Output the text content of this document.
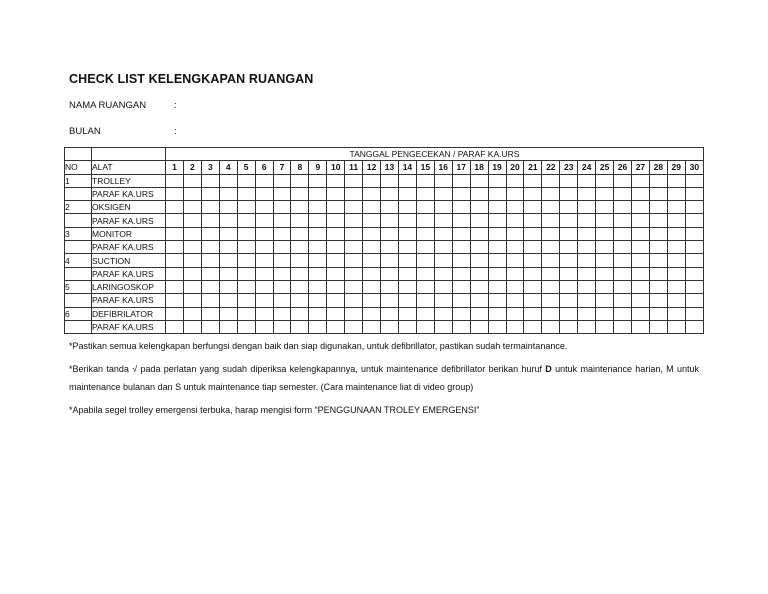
CHECK LIST KELENGKAPAN RUANGAN
NAMA RUANGAN	:
BULAN	:
		TANGGAL PENGECEKAN / PARAF KA.URS																													
NO	ALAT	1	2	3	4	5	6	7	8	9	10	11	12	13	14	15	16	17	18	19	20	21	22	23	24	25	26	27	28	29	30
1	TROLLEY																														
	PARAF KA.URS																														
2	OKSIGEN																														
	PARAF KA.URS																														
3	MONITOR																														
	PARAF KA.URS																														
4	SUCTION																														
	PARAF KA.URS																														
5	LARINGOSKOP																														
	PARAF KA.URS																														
6	DEFIBRILATOR																														
	PARAF KA.URS																														
*Pastikan semua kelengkapan berfungsi dengan baik dan siap digunakan, untuk defibrillator, pastikan sudah termaintanance.
*Berikan tanda √ pada perlatan yang sudah diperiksa kelengkapannya, untuk maintenance defibrillator berikan huruf D untuk maintenance harian, M untuk maintenance bulanan dan S untuk maintenance tiap semester. (Cara maintenance liat di video group)
*Apabila segel trolley emergensi terbuka, harap mengisi form “PENGGUNAAN TROLEY EMERGENSI”
